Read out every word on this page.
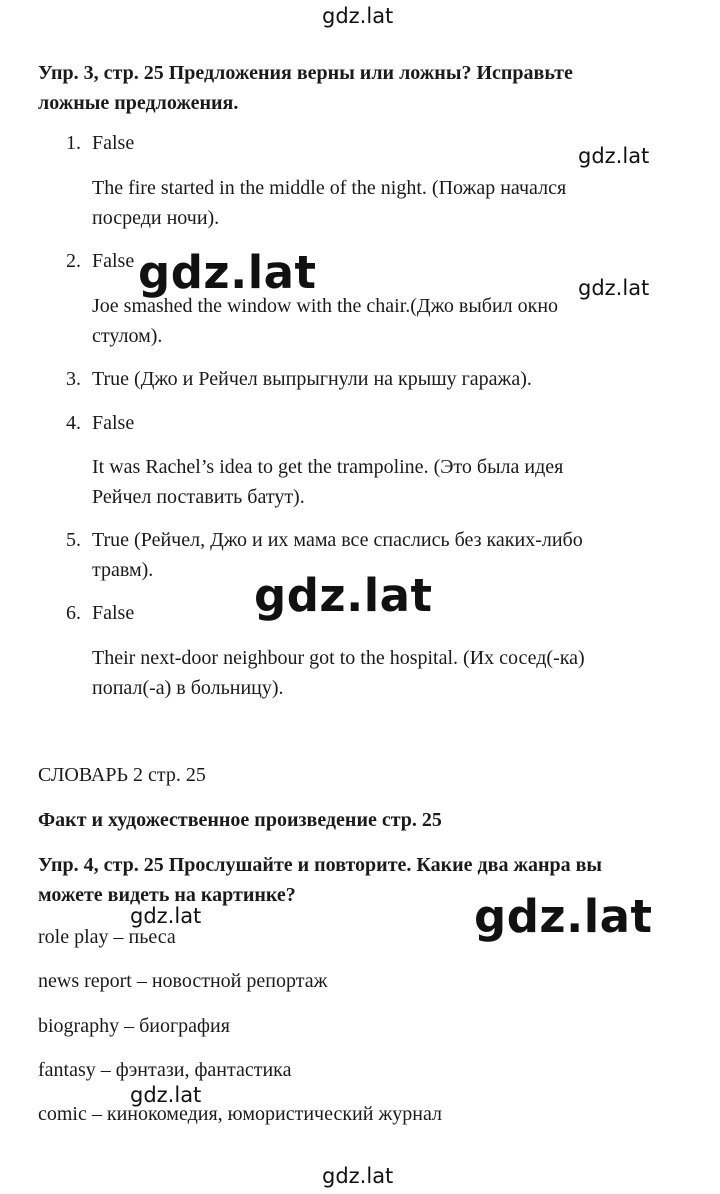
Упр. 3, стр. 25 Предложения верны или ложны? Исправьте
ложные предложения.
1. False
The fire started in the middle of the night. (Пожар начался
посреди ночи).
2. False
Joe smashed the window with the chair.(Джо выбил окно
стулом).
3. True (Джо и Рейчел выпрыгнули на крышу гаража).
4. False
It was Rachel’s idea to get the trampoline. (Это была идея
Рейчел поставить батут).
5. True (Рейчел, Джо и их мама все спаслись без каких-либо
травм).
6. False
Their next-door neighbour got to the hospital. (Их сосед(-ка)
попал(-а) в больницу).
СЛОВАРЬ 2 стр. 25
Факт и художественное произведение стр. 25
Упр. 4, стр. 25 Прослушайте и повторите. Какие два жанра вы
можете видеть на картинке?
role play – пьеса
news report – новостной репортаж
biography – биография
fantasy – фэнтази, фантастика
comic – кинокомедия, юмористический журнал
gdz.lat
gdz.lat
gdz.lat	gdz.lat
gdz.lat
gdz.lat
gdz.lat
gdz.lat
gdz.lat
